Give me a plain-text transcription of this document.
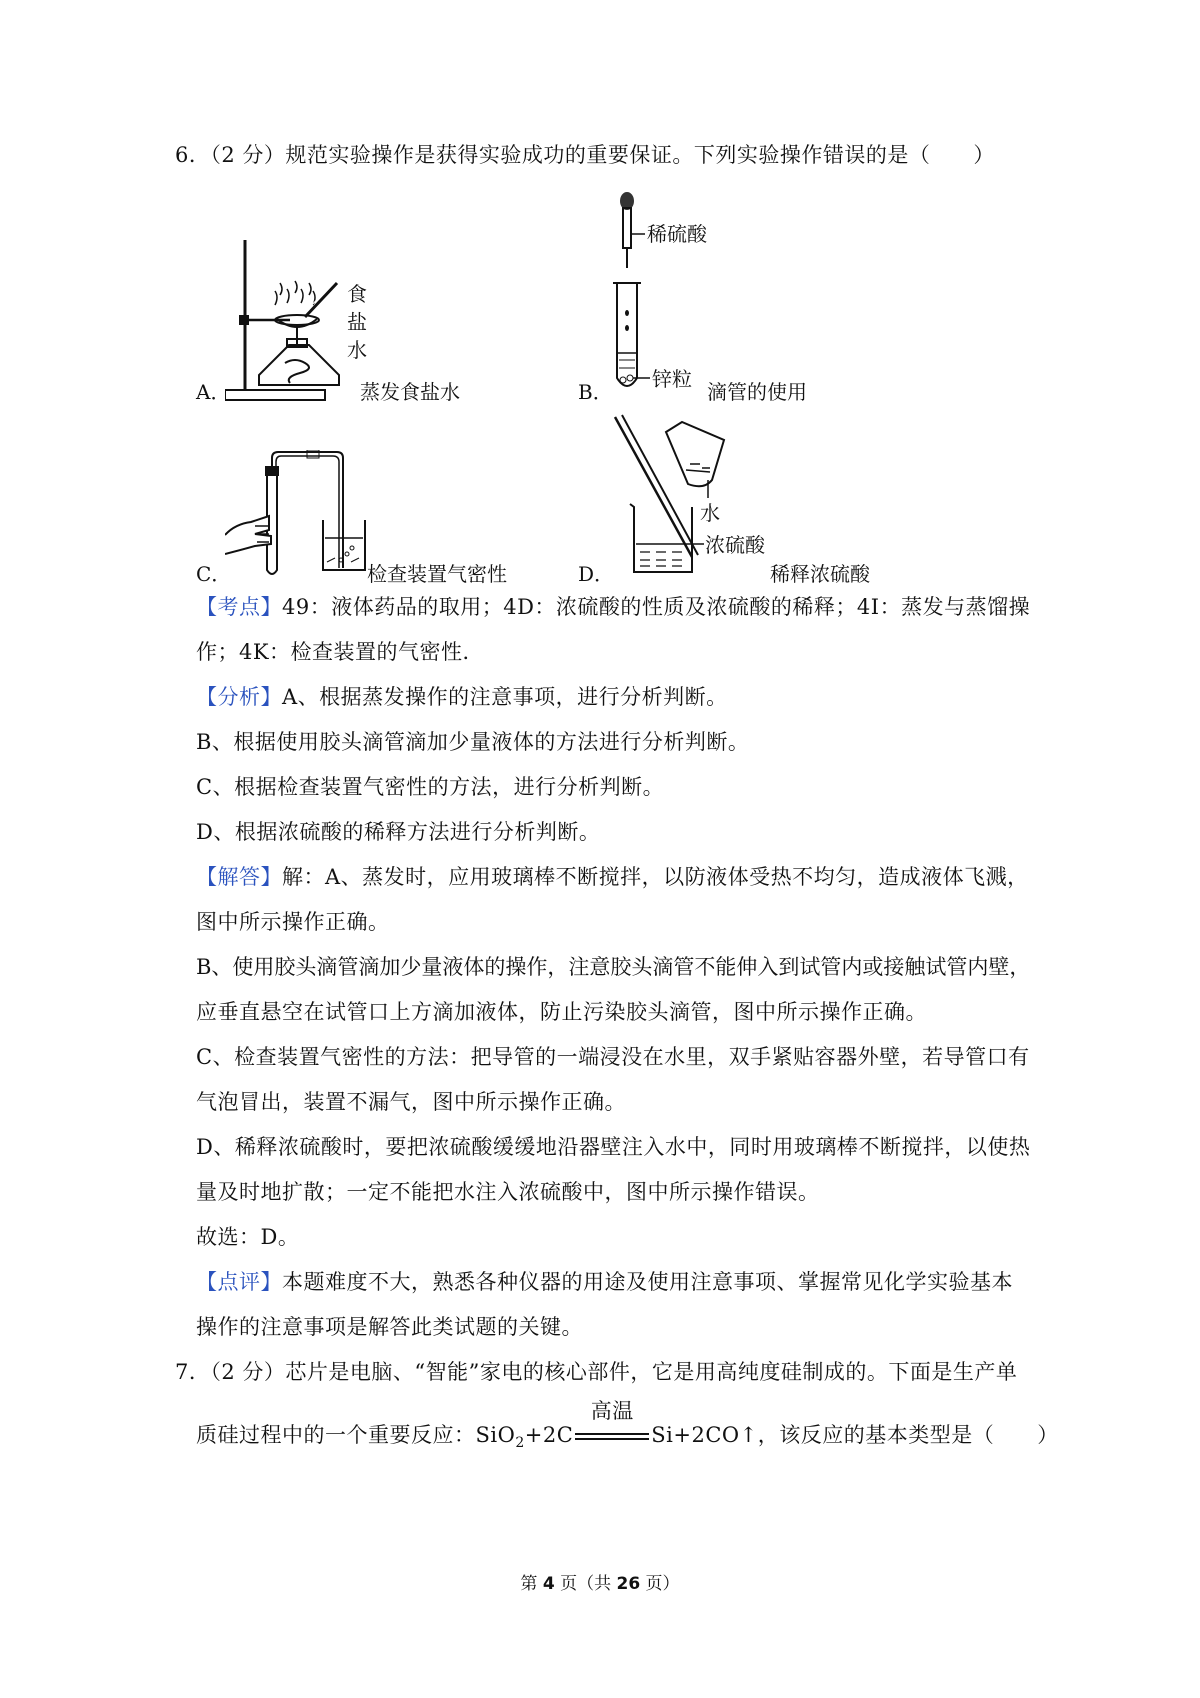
6．（2 分）规范实验操作是获得实验成功的重要保证。下列实验操作错误的是（　　）
食
盐
水
A．	蒸发食盐水
稀硫酸
锌粒
B．	滴管的使用
C．	检查装置气密性
水
浓硫酸
D．	稀释浓硫酸
【考点】49：液体药品的取用；4D：浓硫酸的性质及浓硫酸的稀释；4I：蒸发与蒸馏操
作；4K：检查装置的气密性．
【分析】A、根据蒸发操作的注意事项，进行分析判断。
B、根据使用胶头滴管滴加少量液体的方法进行分析判断。
C、根据检查装置气密性的方法，进行分析判断。
D、根据浓硫酸的稀释方法进行分析判断。
【解答】解：A、蒸发时，应用玻璃棒不断搅拌，以防液体受热不均匀，造成液体飞溅，
图中所示操作正确。
B、使用胶头滴管滴加少量液体的操作，注意胶头滴管不能伸入到试管内或接触试管内壁，
应垂直悬空在试管口上方滴加液体，防止污染胶头滴管，图中所示操作正确。
C、检查装置气密性的方法：把导管的一端浸没在水里，双手紧贴容器外壁，若导管口有
气泡冒出，装置不漏气，图中所示操作正确。
D、稀释浓硫酸时，要把浓硫酸缓缓地沿器壁注入水中，同时用玻璃棒不断搅拌，以使热
量及时地扩散；一定不能把水注入浓硫酸中，图中所示操作错误。
故选：D。
【点评】本题难度不大，熟悉各种仪器的用途及使用注意事项、掌握常见化学实验基本
操作的注意事项是解答此类试题的关键。
7．（2 分）芯片是电脑、“智能”家电的核心部件，它是用高纯度硅制成的。下面是生产单
质硅过程中的一个重要反应：SiO$_2$+2C
高温
Si+2CO↑，该反应的基本类型是（　　）
第 4 页（共 26 页）
